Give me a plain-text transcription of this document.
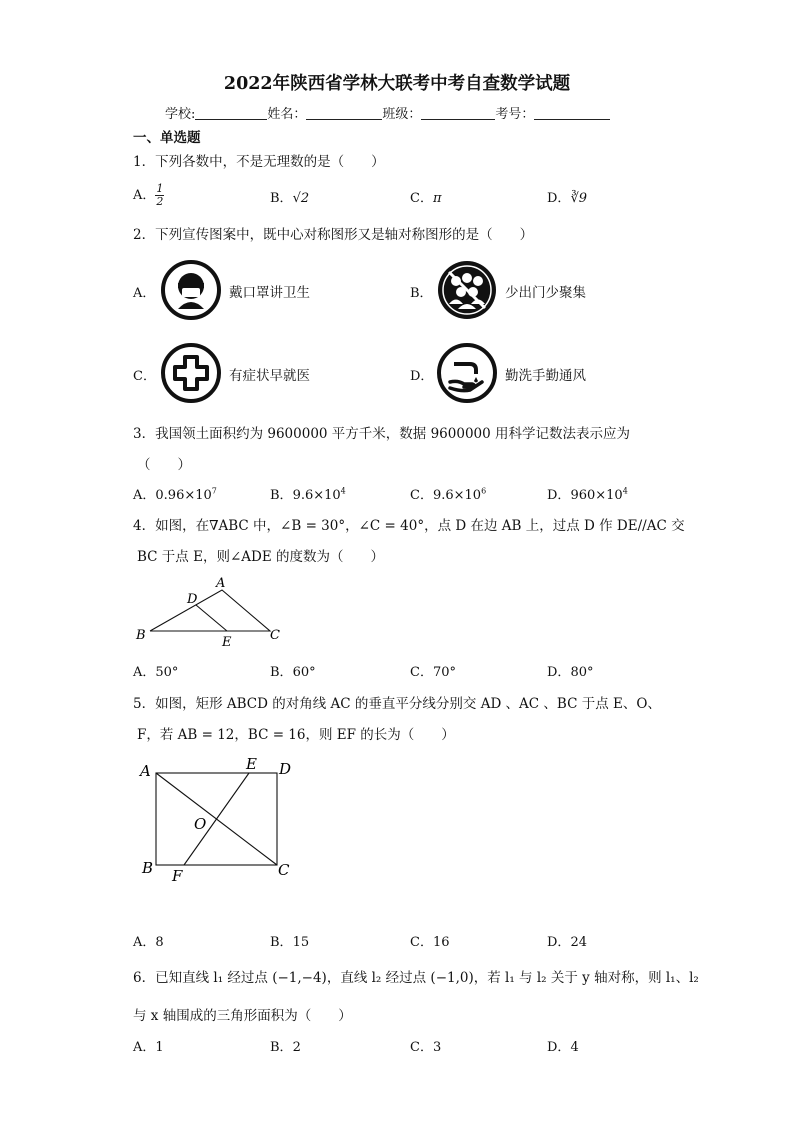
2022年陕西省学林大联考中考自查数学试题
学校:	姓名：	班级：	考号：
一、单选题
1．下列各数中，不是无理数的是（　　）
A． $\frac{1}{2}$	B．√2	C．π	D．∛9
2．下列宣传图案中，既中心对称图形又是轴对称图形的是（　　）
A．	戴口罩讲卫生	B．	少出门少聚集
C．	有症状早就医	D．	勤洗手勤通风
3．我国领土面积约为 9600000 平方千米，数据 9600000 用科学记数法表示应为
（　　）
A．$0.96\times 10^7$	B．$9.6\times 10^4$	C．$9.6\times 10^6$	D．$960\times 10^4$
4．如图，在∇ABC 中，∠B = 30°，∠C = 40°，点 D 在边 AB 上，过点 D 作 DE//AC 交
BC 于点 E，则∠ADE 的度数为（　　）
A
B	C
D
E
A．50°	B．60°	C．70°	D．80°
5．如图，矩形 ABCD 的对角线 AC 的垂直平分线分别交 AD 、AC 、BC 于点 E、O、
F，若 AB = 12，BC = 16，则 EF 的长为（　　）
A
B	C
D
E
F
O
A．8	B．15	C．16	D．24
6．已知直线 l₁ 经过点 (−1,−4)，直线 l₂ 经过点 (−1,0)，若 l₁ 与 l₂ 关于 y 轴对称，则 l₁、l₂
与 x 轴围成的三角形面积为（　　）
A．1	B．2	C．3	D．4
